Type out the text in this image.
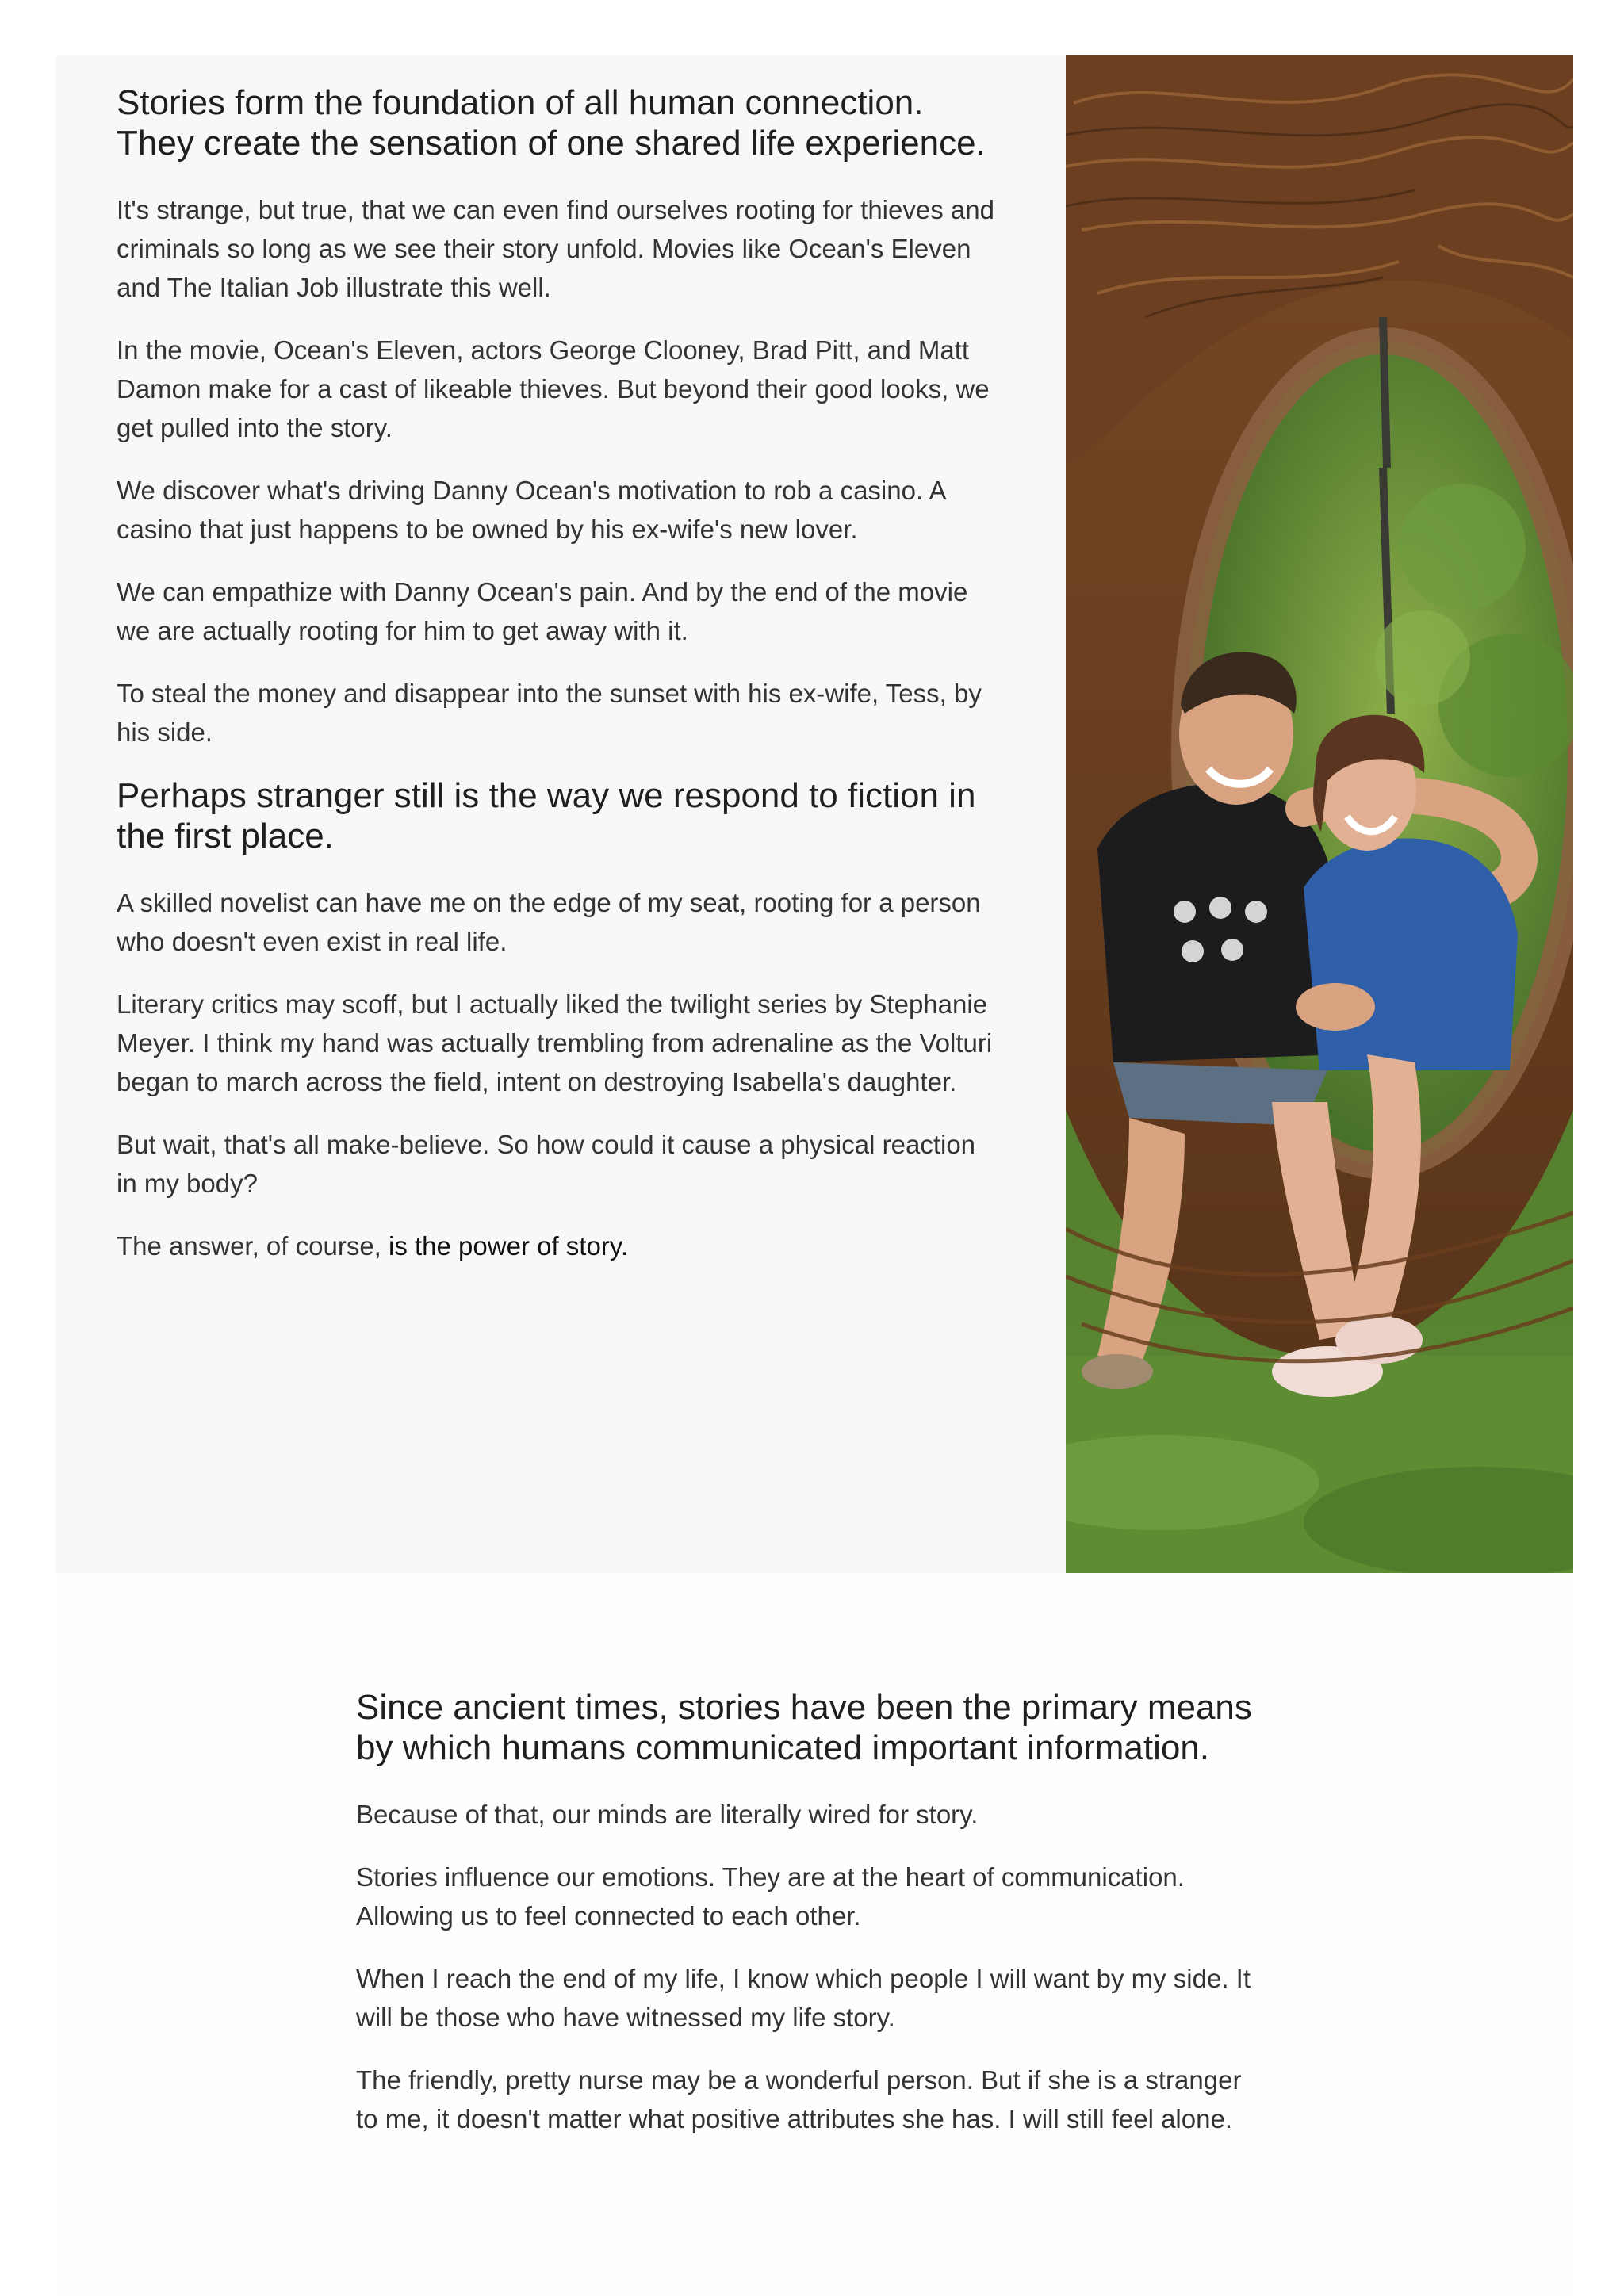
Stories form the foundation of all human connection. They create the sensation of one shared life experience.

It's strange, but true, that we can even find ourselves rooting for thieves and criminals so long as we see their story unfold. Movies like Ocean's Eleven and The Italian Job illustrate this well.

In the movie, Ocean's Eleven, actors George Clooney, Brad Pitt, and Matt Damon make for a cast of likeable thieves. But beyond their good looks, we get pulled into the story.

We discover what's driving Danny Ocean's motivation to rob a casino. A casino that just happens to be owned by his ex-wife's new lover.

We can empathize with Danny Ocean's pain. And by the end of the movie we are actually rooting for him to get away with it.

To steal the money and disappear into the sunset with his ex-wife, Tess, by his side.

Perhaps stranger still is the way we respond to fiction in the first place.

A skilled novelist can have me on the edge of my seat, rooting for a person who doesn't even exist in real life.

Literary critics may scoff, but I actually liked the twilight series by Stephanie Meyer. I think my hand was actually trembling from adrenaline as the Volturi began to march across the field, intent on destroying Isabella's daughter.

But wait, that's all make-believe. So how could it cause a physical reaction in my body?

The answer, of course, is the power of story.

Since ancient times, stories have been the primary means by which humans communicated important information.

Because of that, our minds are literally wired for story.

Stories influence our emotions. They are at the heart of communication. Allowing us to feel connected to each other.

When I reach the end of my life, I know which people I will want by my side. It will be those who have witnessed my life story.

The friendly, pretty nurse may be a wonderful person. But if she is a stranger to me, it doesn't matter what positive attributes she has. I will still feel alone.
